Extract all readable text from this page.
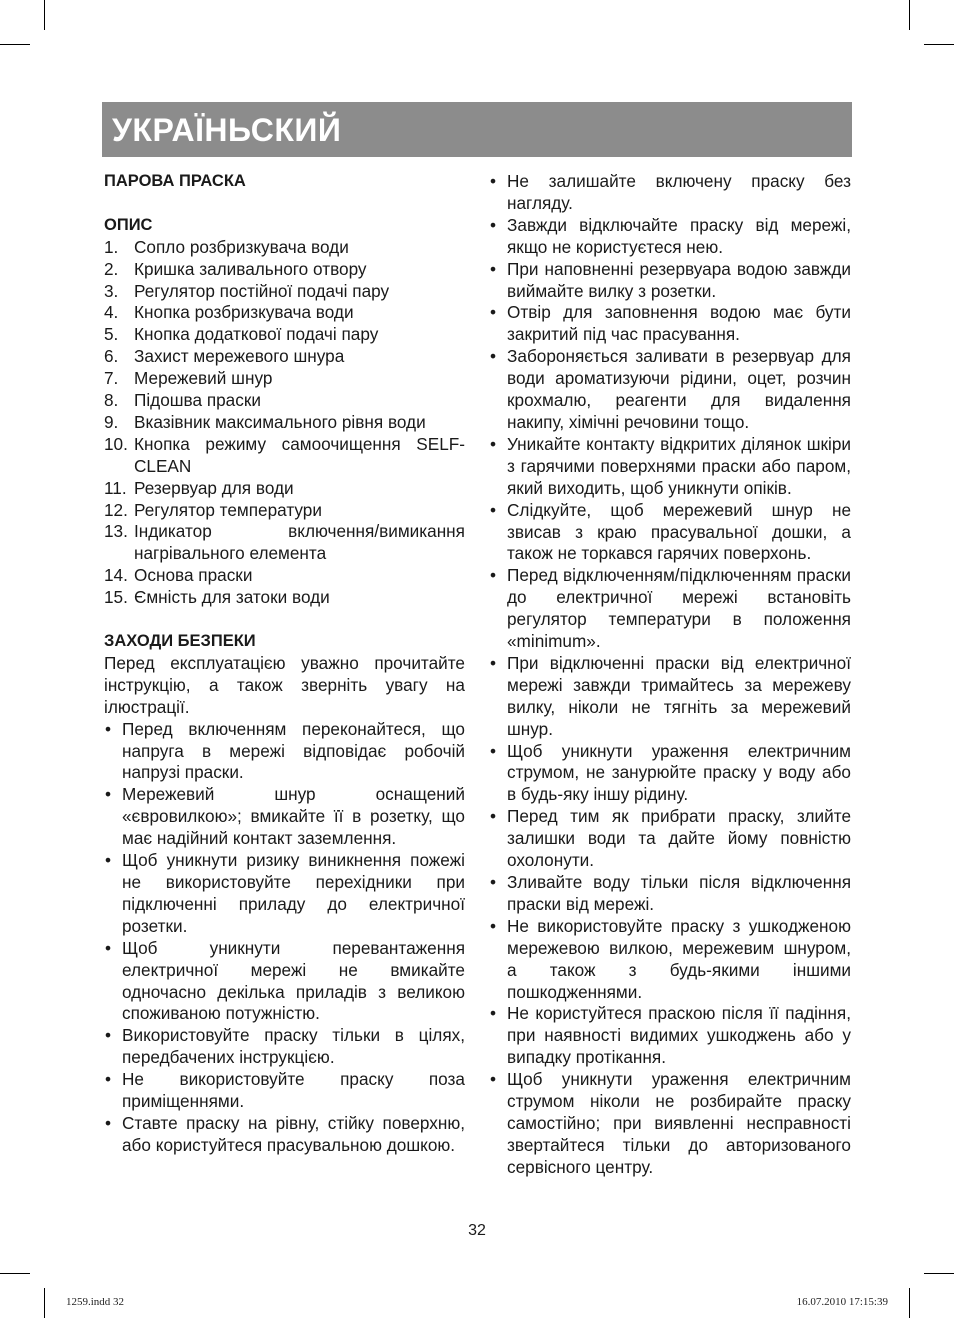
УКРАЇНЬСКИЙ

ПАРОВА ПРАСКА

ОПИС

1. Сопло розбризкувача води
2. Кришка заливального отвору
3. Регулятор постійної подачі пару
4. Кнопка розбризкувача води
5. Кнопка додаткової подачі пару
6. Захист мережевого шнура
7. Мережевий шнур
8. Підошва праски
9. Вказівник максимального рівня води
10. Кнопка режиму самоочищення SELF-CLEAN
11. Резервуар для води
12. Регулятор температури
13. Індикатор включення/вимикання нагрівального елемента
14. Основа праски
15. Ємність для затоки води

ЗАХОДИ БЕЗПЕКИ

Перед експлуатацією уважно прочитайте інструкцію, а також зверніть увагу на ілюстрації.

• Перед включенням переконайтеся, що напруга в мережі відповідає робочій напрузі праски.
• Мережевий шнур оснащений «євровилкою»; вмикайте її в розетку, що має надійний контакт заземлення.
• Щоб уникнути ризику виникнення пожежі не використовуйте перехідники при підключенні приладу до електричної розетки.
• Щоб уникнути перевантаження електричної мережі не вмикайте одночасно декілька приладів з великою споживаною потужністю.
• Використовуйте праску тільки в цілях, передбачених інструкцією.
• Не використовуйте праску поза приміщеннями.
• Ставте праску на рівну, стійку поверхню, або користуйтеся прасувальною дошкою.
• Не залишайте включену праску без нагляду.
• Завжди відключайте праску від мережі, якщо не користуєтеся нею.
• При наповненні резервуара водою завжди виймайте вилку з розетки.
• Отвір для заповнення водою має бути закритий під час прасування.
• Забороняється заливати в резервуар для води ароматизуючи рідини, оцет, розчин крохмалю, реагенти для видалення накипу, хімічні речовини тощо.
• Уникайте контакту відкритих ділянок шкіри з гарячими поверхнями праски або паром, який виходить, щоб уникнути опіків.
• Слідкуйте, щоб мережевий шнур не звисав з краю прасувальної дошки, а також не торкався гарячих поверхонь.
• Перед відключенням/підключенням праски до електричної мережі встановіть регулятор температури в положення «minimum».
• При відключенні праски від електричної мережі завжди тримайтесь за мережеву вилку, ніколи не тягніть за мережевий шнур.
• Щоб уникнути ураження електричним струмом, не занурюйте праску у воду або в будь-яку іншу рідину.
• Перед тим як прибрати праску, злийте залишки води та дайте йому повністю охолонути.
• Зливайте воду тільки після відключення праски від мережі.
• Не використовуйте праску з ушкодженою мережевою вилкою, мережевим шнуром, а також з будь-якими іншими пошкодженнями.
• Не користуйтеся праскою після її падіння, при наявності видимих ушкоджень або у випадку протікання.
• Щоб уникнути ураження електричним струмом ніколи не розбирайте праску самостійно; при виявленні несправності звертайтеся тільки до авторизованого сервісного центру.
32
1259.indd 32	16.07.2010 17:15:39
